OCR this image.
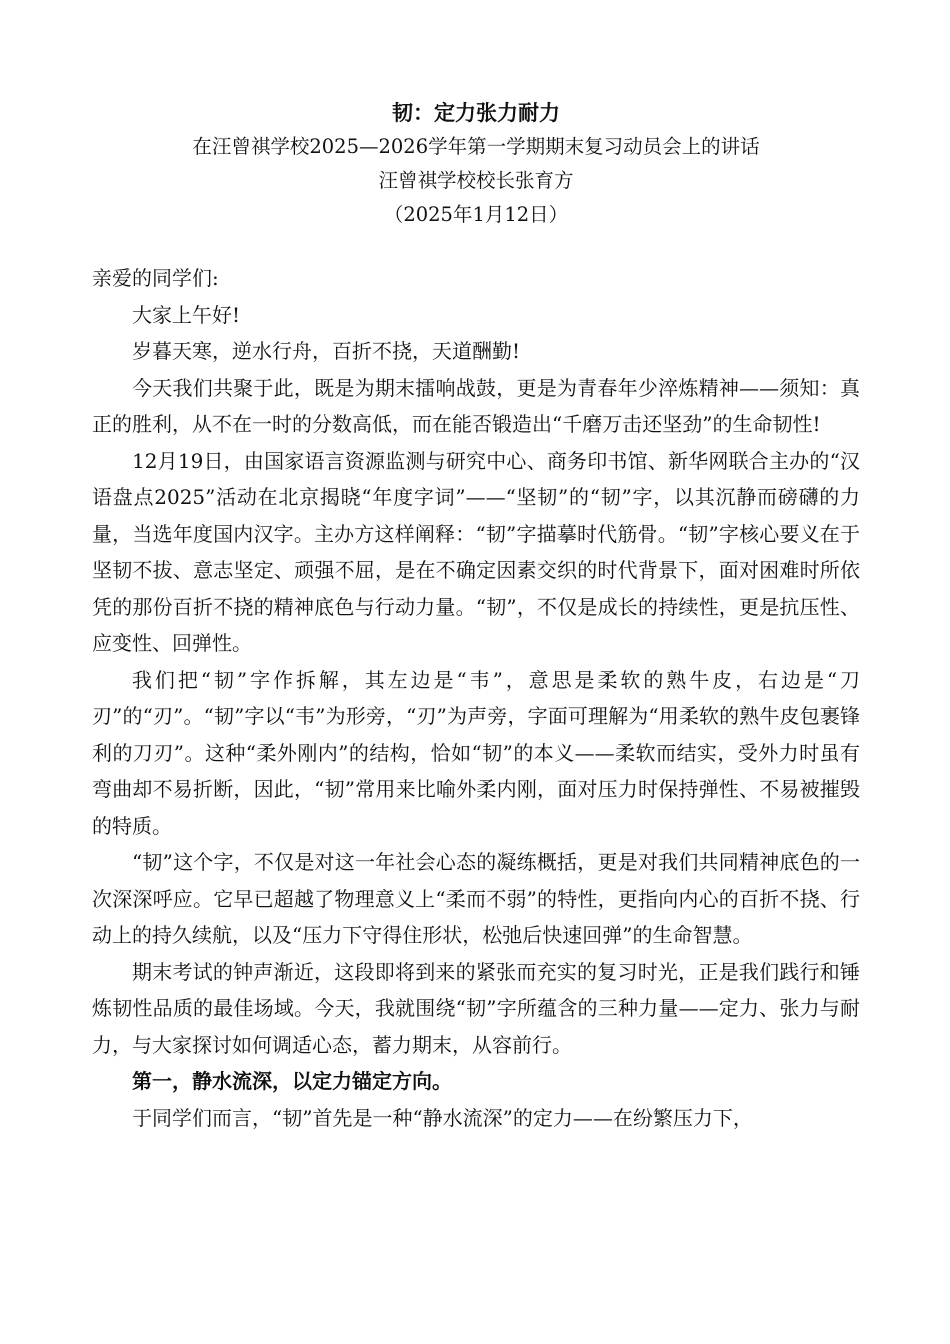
韧：定力张力耐力

在汪曾祺学校2025—2026学年第一学期期末复习动员会上的讲话

汪曾祺学校校长张育方

（2025年1月12日）

亲爱的同学们:

大家上午好!

岁暮天寒，逆水行舟，百折不挠，天道酬勤!

今天我们共聚于此，既是为期末擂响战鼓，更是为青春年少淬炼精神——须知：真正的胜利，从不在一时的分数高低，而在能否锻造出“千磨万击还坚劲”的生命韧性!

12月19日，由国家语言资源监测与研究中心、商务印书馆、新华网联合主办的“汉语盘点2025”活动在北京揭晓“年度字词”——“坚韧”的“韧”字，以其沉静而磅礴的力量，当选年度国内汉字。主办方这样阐释：“韧”字描摹时代筋骨。“韧”字核心要义在于坚韧不拔、意志坚定、顽强不屈，是在不确定因素交织的时代背景下，面对困难时所依凭的那份百折不挠的精神底色与行动力量。“韧”，不仅是成长的持续性，更是抗压性、应变性、回弹性。

我们把“韧”字作拆解，其左边是“韦”，意思是柔软的熟牛皮，右边是“刀刃”的“刃”。“韧”字以“韦”为形旁，“刃”为声旁，字面可理解为“用柔软的熟牛皮包裹锋利的刀刃”。这种“柔外刚内”的结构，恰如“韧”的本义——柔软而结实，受外力时虽有弯曲却不易折断，因此，“韧”常用来比喻外柔内刚，面对压力时保持弹性、不易被摧毁的特质。

“韧”这个字，不仅是对这一年社会心态的凝练概括，更是对我们共同精神底色的一次深深呼应。它早已超越了物理意义上“柔而不弱”的特性，更指向内心的百折不挠、行动上的持久续航，以及“压力下守得住形状，松弛后快速回弹”的生命智慧。

期末考试的钟声渐近，这段即将到来的紧张而充实的复习时光，正是我们践行和锤炼韧性品质的最佳场域。今天，我就围绕“韧”字所蕴含的三种力量——定力、张力与耐力，与大家探讨如何调适心态，蓄力期末，从容前行。

第一，静水流深，以定力锚定方向。

于同学们而言，“韧”首先是一种“静水流深”的定力——在纷繁压力下，
